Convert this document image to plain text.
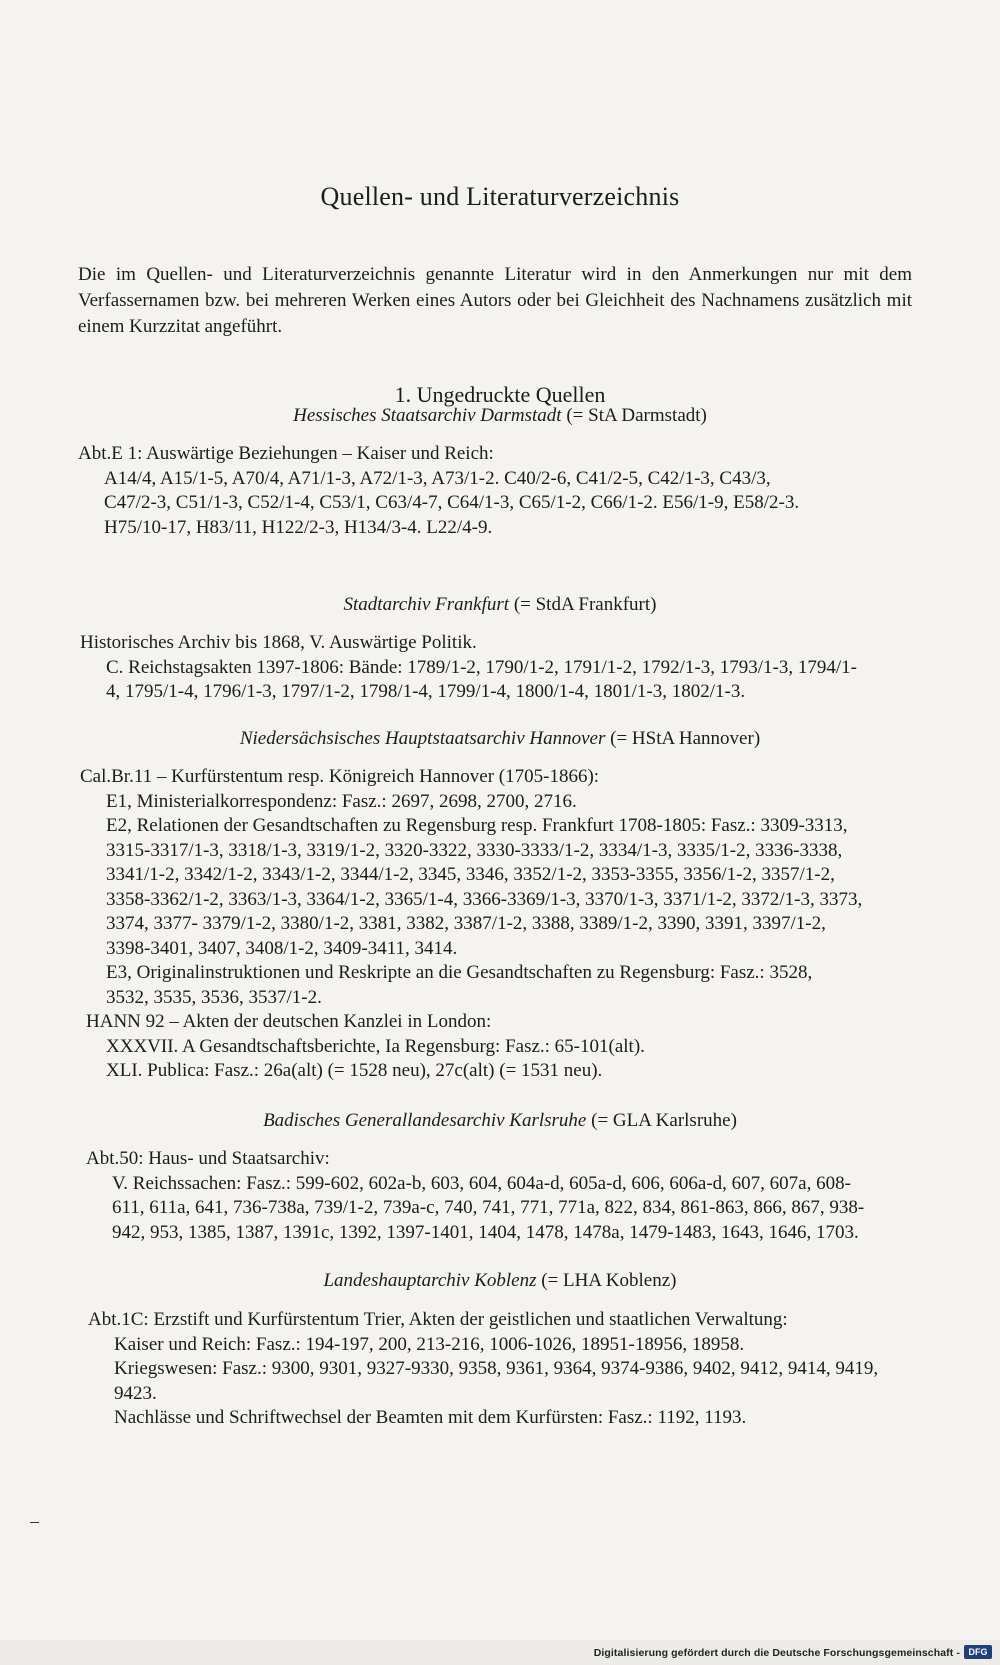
Quellen- und Literaturverzeichnis
Die im Quellen- und Literaturverzeichnis genannte Literatur wird in den Anmerkungen nur mit dem Verfassernamen bzw. bei mehreren Werken eines Autors oder bei Gleichheit des Nachnamens zusätzlich mit einem Kurzzitat angeführt.
1. Ungedruckte Quellen
Hessisches Staatsarchiv Darmstadt (= StA Darmstadt)
Abt.E 1: Auswärtige Beziehungen – Kaiser und Reich:
A14/4, A15/1-5, A70/4, A71/1-3, A72/1-3, A73/1-2. C40/2-6, C41/2-5, C42/1-3, C43/3,
C47/2-3, C51/1-3, C52/1-4, C53/1, C63/4-7, C64/1-3, C65/1-2, C66/1-2. E56/1-9, E58/2-3.
H75/10-17, H83/11, H122/2-3, H134/3-4. L22/4-9.
Stadtarchiv Frankfurt (= StdA Frankfurt)
Historisches Archiv bis 1868, V. Auswärtige Politik.
C. Reichstagsakten 1397-1806: Bände: 1789/1-2, 1790/1-2, 1791/1-2, 1792/1-3, 1793/1-3, 1794/1-
4, 1795/1-4, 1796/1-3, 1797/1-2, 1798/1-4, 1799/1-4, 1800/1-4, 1801/1-3, 1802/1-3.
Niedersächsisches Hauptstaatsarchiv Hannover (= HStA Hannover)
Cal.Br.11 – Kurfürstentum resp. Königreich Hannover (1705-1866):
E1, Ministerialkorrespondenz: Fasz.: 2697, 2698, 2700, 2716.
E2, Relationen der Gesandtschaften zu Regensburg resp. Frankfurt 1708-1805: Fasz.: 3309-3313,
3315-3317/1-3, 3318/1-3, 3319/1-2, 3320-3322, 3330-3333/1-2, 3334/1-3, 3335/1-2, 3336-3338,
3341/1-2, 3342/1-2, 3343/1-2, 3344/1-2, 3345, 3346, 3352/1-2, 3353-3355, 3356/1-2, 3357/1-2,
3358-3362/1-2, 3363/1-3, 3364/1-2, 3365/1-4, 3366-3369/1-3, 3370/1-3, 3371/1-2, 3372/1-3, 3373,
3374, 3377- 3379/1-2, 3380/1-2, 3381, 3382, 3387/1-2, 3388, 3389/1-2, 3390, 3391, 3397/1-2,
3398-3401, 3407, 3408/1-2, 3409-3411, 3414.
E3, Originalinstruktionen und Reskripte an die Gesandtschaften zu Regensburg: Fasz.: 3528,
3532, 3535, 3536, 3537/1-2.
HANN 92 – Akten der deutschen Kanzlei in London:
XXXVII. A Gesandtschaftsberichte, Ia Regensburg: Fasz.: 65-101(alt).
XLI. Publica: Fasz.: 26a(alt) (= 1528 neu), 27c(alt) (= 1531 neu).
Badisches Generallandesarchiv Karlsruhe (= GLA Karlsruhe)
Abt.50: Haus- und Staatsarchiv:
V. Reichssachen: Fasz.: 599-602, 602a-b, 603, 604, 604a-d, 605a-d, 606, 606a-d, 607, 607a, 608-
611, 611a, 641, 736-738a, 739/1-2, 739a-c, 740, 741, 771, 771a, 822, 834, 861-863, 866, 867, 938-
942, 953, 1385, 1387, 1391c, 1392, 1397-1401, 1404, 1478, 1478a, 1479-1483, 1643, 1646, 1703.
Landeshauptarchiv Koblenz (= LHA Koblenz)
Abt.1C: Erzstift und Kurfürstentum Trier, Akten der geistlichen und staatlichen Verwaltung:
Kaiser und Reich: Fasz.: 194-197, 200, 213-216, 1006-1026, 18951-18956, 18958.
Kriegswesen: Fasz.: 9300, 9301, 9327-9330, 9358, 9361, 9364, 9374-9386, 9402, 9412, 9414, 9419,
9423.
Nachlässe und Schriftwechsel der Beamten mit dem Kurfürsten: Fasz.: 1192, 1193.
Digitalisierung gefördert durch die Deutsche Forschungsgemeinschaft - DFG
